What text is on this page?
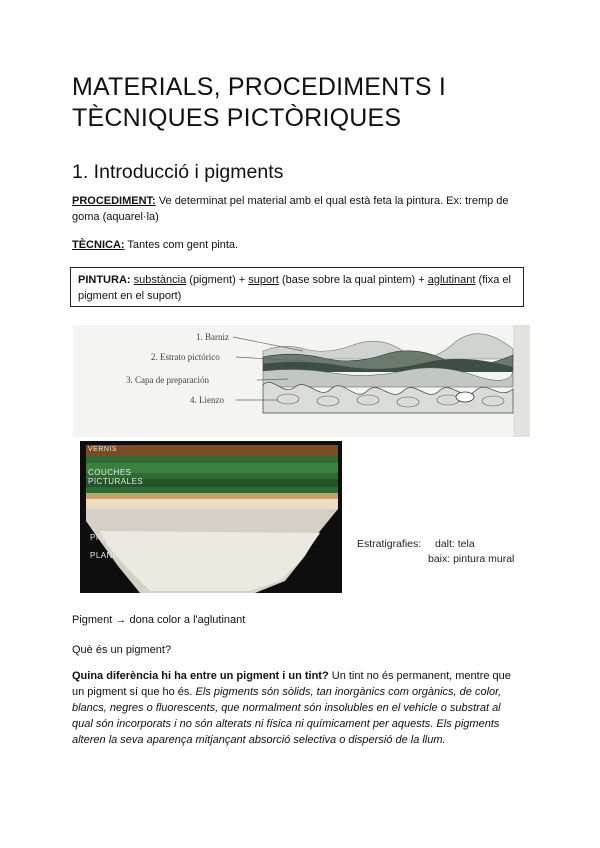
MATERIALS, PROCEDIMENTS I TÈCNIQUES PICTÒRIQUES
1. Introducció i pigments
PROCEDIMENT: Ve determinat pel material amb el qual està feta la pintura. Ex: tremp de goma (aquarel·la)
TÈCNICA: Tantes com gent pinta.
PINTURA: substància (pigment) + suport (base sobre la qual pintem) + aglutinant (fixa el pigment en el suport)
1. Barniz
2. Estrato pictórico
3. Capa de preparación
4. Lienzo
VERNIS
COUCHES PICTURALES
PREPARATION
PLANUUR
Estratigrafies: dalt: tela
baix: pintura mural
Pigment → dona color a l'aglutinant
Què és un pigment?
Quina diferència hi ha entre un pigment i un tint? Un tint no és permanent, mentre que un pigment sí que ho és. Els pigments són sòlids, tan inorgànics com orgànics, de color, blancs, negres o fluorescents, que normalment són insolubles en el vehicle o substrat al qual són incorporats i no són alterats ni física ni químicament per aquests. Els pigments alteren la seva aparença mitjançant absorció selectiva o dispersió de la llum.
